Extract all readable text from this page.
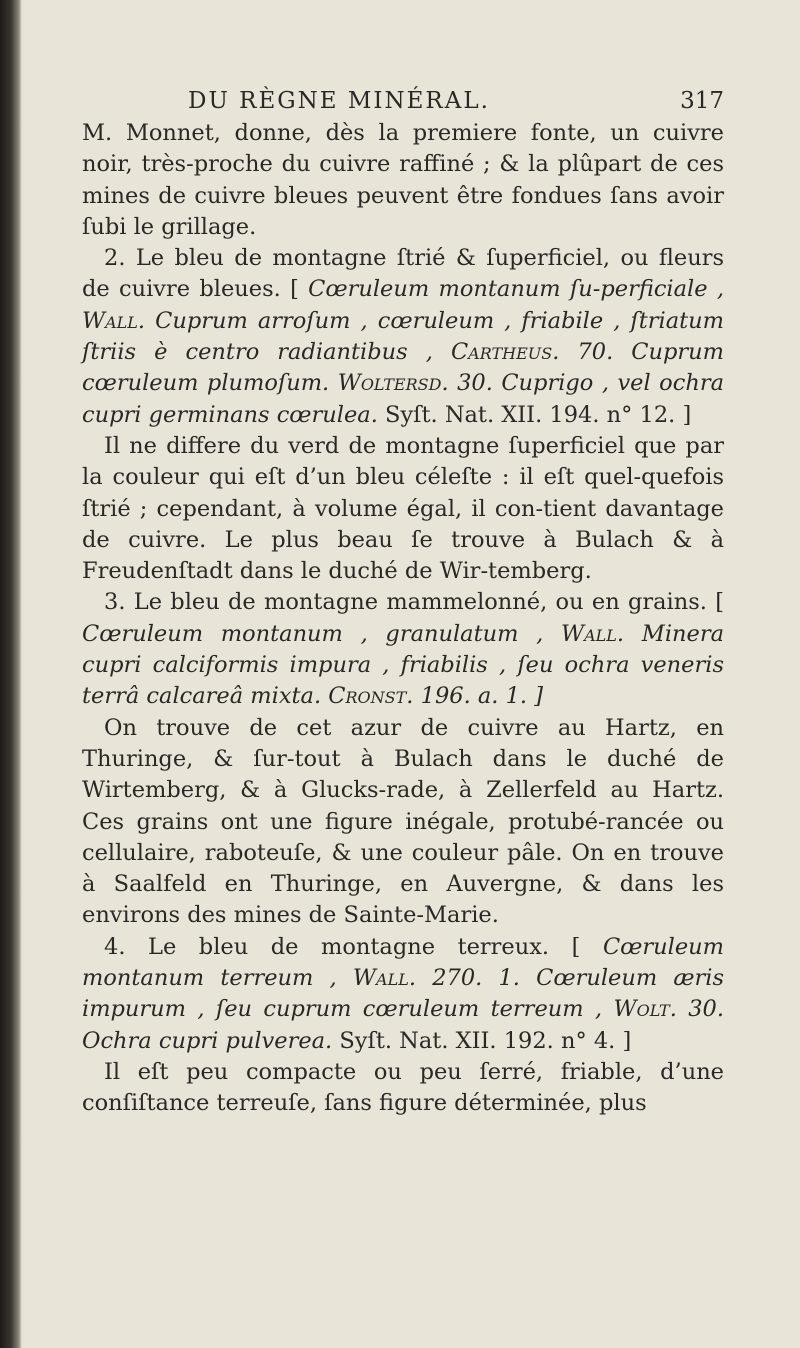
DU RÈGNE MINÉRAL.	317

M. Monnet, donne, dès la premiere fonte, un cuivre noir, très-proche du cuivre raffiné ; & la plûpart de ces mines de cuivre bleues peuvent être fondues ſans avoir ſubi le grillage.

2. Le bleu de montagne ſtrié & ſuperficiel, ou fleurs de cuivre bleues. [ Cœruleum montanum ſu-perficiale , Wall. Cuprum arroſum , cœruleum , friabile , ſtriatum ſtriis è centro radiantibus , Cartheus. 70. Cuprum cœruleum plumoſum. Wolterſd. 30. Cuprigo , vel ochra cupri germinans cœrulea. Syſt. Nat. XII. 194. n° 12. ]

Il ne differe du verd de montagne ſuperficiel que par la couleur qui eſt d’un bleu céleſte : il eſt quel-quefois ſtrié ; cependant, à volume égal, il con-tient davantage de cuivre. Le plus beau ſe trouve à Bulach & à Freudenſtadt dans le duché de Wir-temberg.

3. Le bleu de montagne mammelonné, ou en grains. [ Cœruleum montanum , granulatum , Wall. Minera cupri calciformis impura , friabilis , ſeu ochra veneris terrâ calcareâ mixta. Cronst. 196. a. 1. ]

On trouve de cet azur de cuivre au Hartz, en Thuringe, & ſur-tout à Bulach dans le duché de Wirtemberg, & à Glucks-rade, à Zellerfeld au Hartz. Ces grains ont une figure inégale, protubé-rancée ou cellulaire, raboteuſe, & une couleur pâle. On en trouve à Saalfeld en Thuringe, en Auvergne, & dans les environs des mines de Sainte-Marie.

4. Le bleu de montagne terreux. [ Cœruleum montanum terreum , Wall. 270. 1. Cœruleum æris impurum , ſeu cuprum cœruleum terreum , Wolt. 30. Ochra cupri pulverea. Syſt. Nat. XII. 192. n° 4. ]

Il eſt peu compacte ou peu ſerré, friable, d’une conſiſtance terreuſe, ſans figure déterminée, plus
